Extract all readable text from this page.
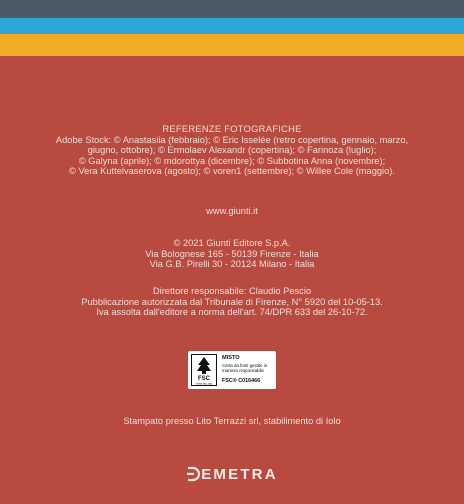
REFERENZE FOTOGRAFICHE
Adobe Stock: © Anastasiia (febbraio); © Eric Isselée (retro copertina, gennaio, marzo,
giugno, ottobre); © Ermolaev Alexandr (copertina); © Farinoza (luglio);
© Galyna (aprile); © mdorottya (dicembre); © Subbotina Anna (novembre);
© Vera Kuttelvaserova (agosto); © voren1 (settembre); © Willee Cole (maggio).
www.giunti.it
© 2021 Giunti Editore S.p.A.
Via Bolognese 165 - 50139 Firenze - Italia
Via G.B. Pirelli 30 - 20124 Milano - Italia
Direttore responsabile: Claudio Pescio
Pubblicazione autorizzata dal Tribunale di Firenze, N° 5920 del 10-05-13.
Iva assolta dall'editore a norma dell'art. 74/DPR 633 del 26-10-72.
FSC
www.fsc.org
MISTO
Carta da fonti gestite in maniera responsabile
FSC® C016466
Stampato presso Lito Terrazzi srl, stabilimento di Iolo
EMETRA
